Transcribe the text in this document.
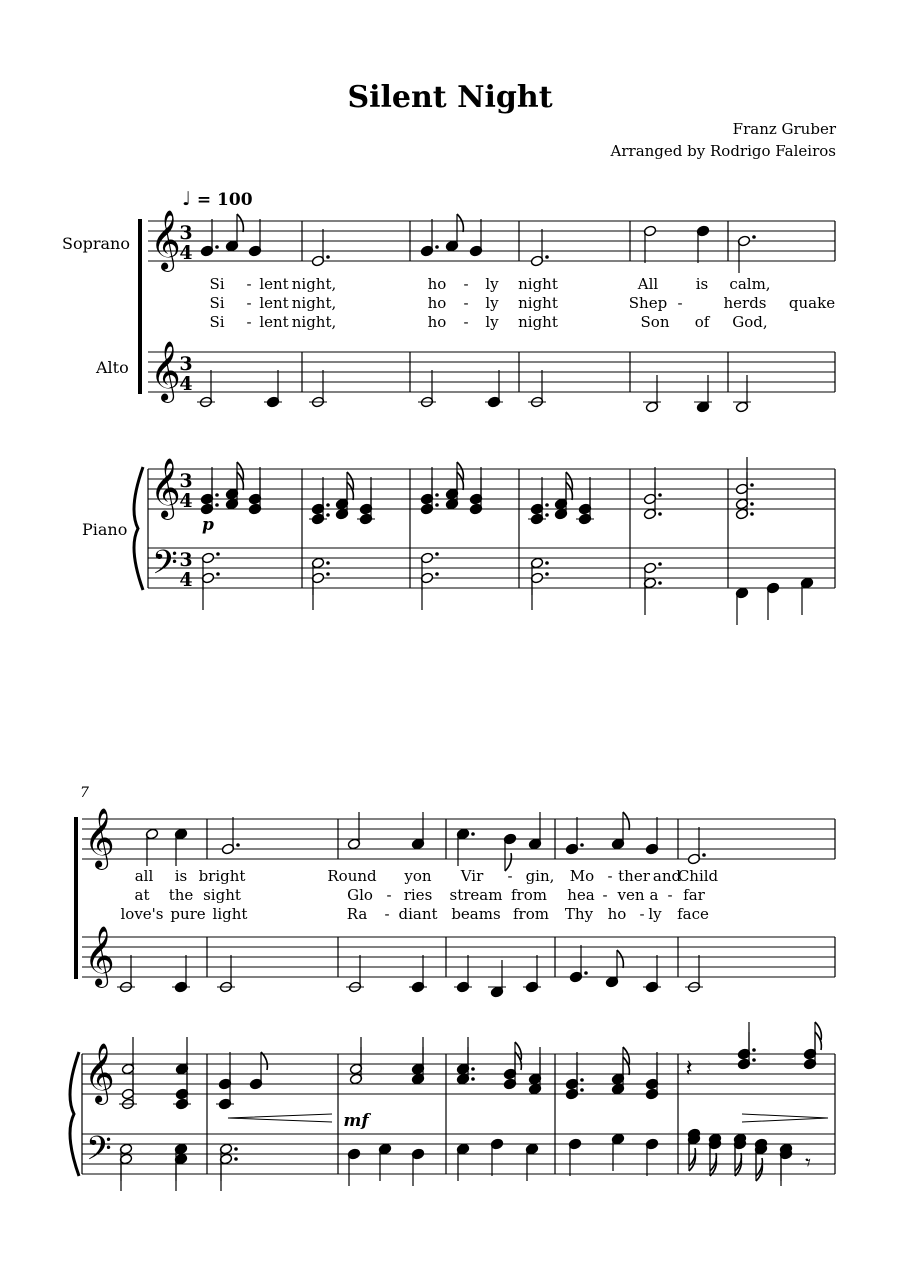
Silent Night
Franz Gruber
Arranged by Rodrigo Faleiros
♩ = 100
Soprano
Alto
Piano
7
𝄞
𝄞
𝄞
𝄢
3
4
3
4
3
4
3
4
p
Si - lent night,	ho - ly night	All	is calm,
Si - lent night,	ho - ly night	Shep -	herds quake
Si - lent night,	ho - ly night	Son of God,
𝄞
𝄞
𝄞
𝄢
mf
𝄽
𝄾
all is bright	Round yon Vir - gin, Mo - ther and
Child
at the sight	Glo - ries stream from hea - ven a - far
love's pure light	Ra - diant beams from Thy ho - ly face
